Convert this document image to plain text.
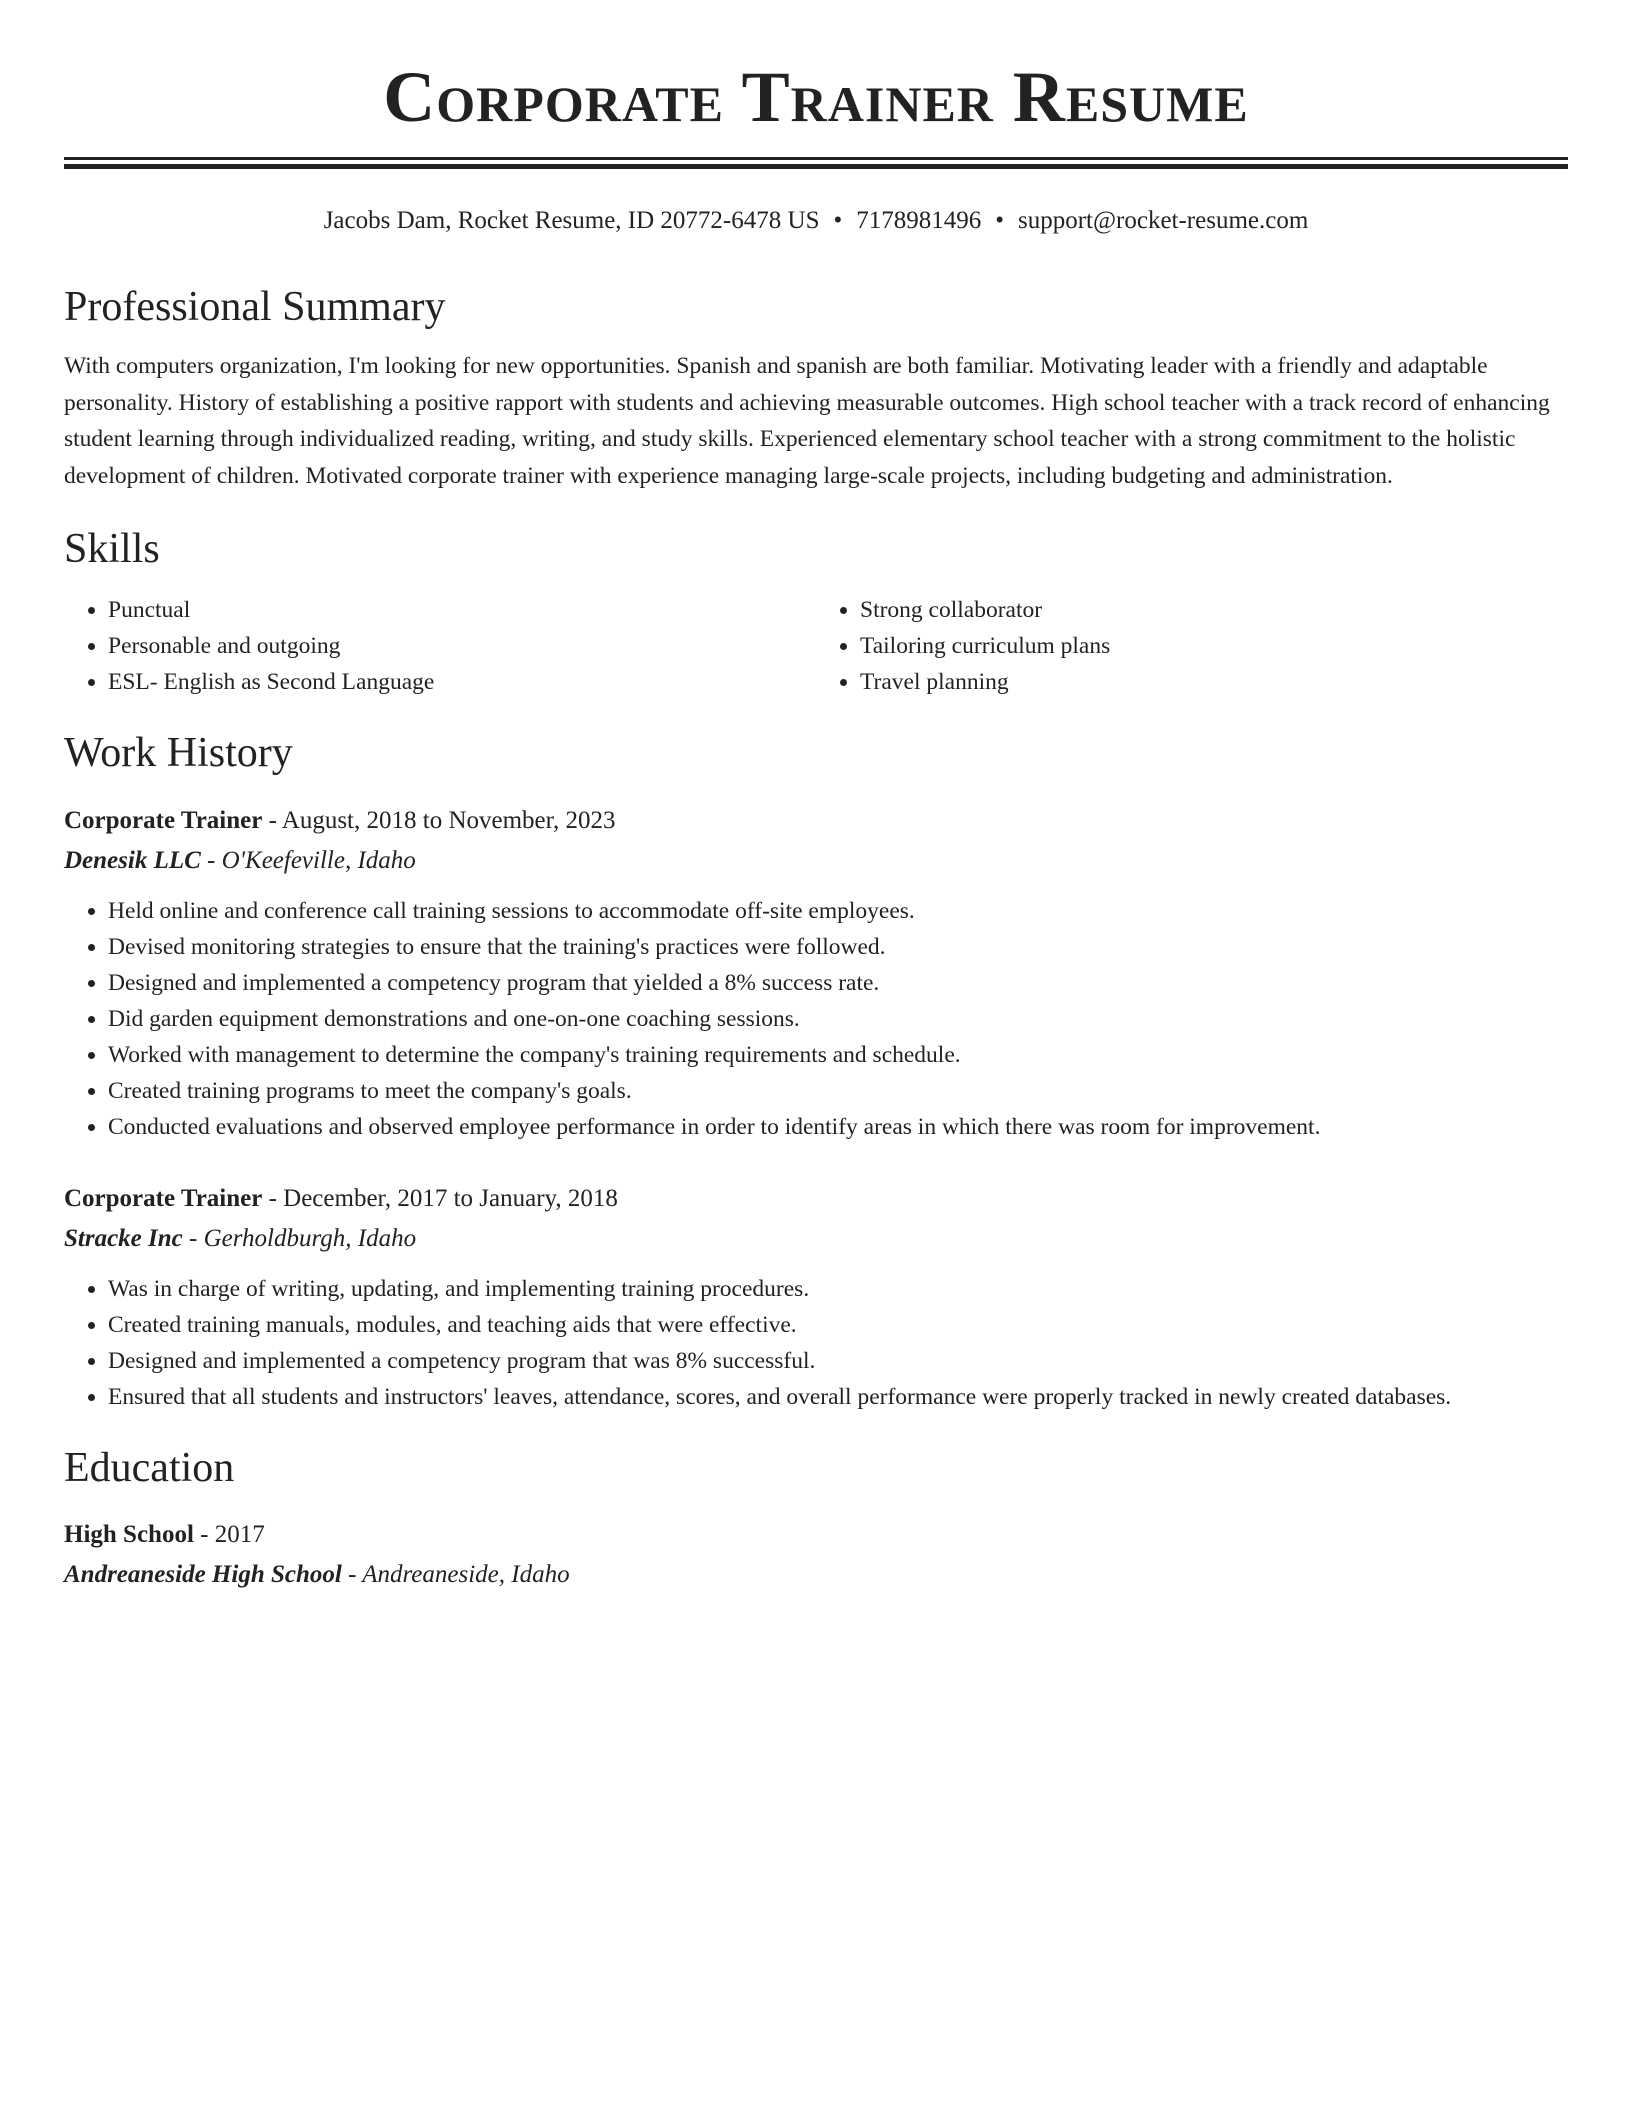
Corporate Trainer Resume
Jacobs Dam, Rocket Resume, ID 20772-6478 US • 7178981496 • support@rocket-resume.com
Professional Summary

With computers organization, I'm looking for new opportunities. Spanish and spanish are both familiar. Motivating leader with a friendly and adaptable personality. History of establishing a positive rapport with students and achieving measurable outcomes. High school teacher with a track record of enhancing student learning through individualized reading, writing, and study skills. Experienced elementary school teacher with a strong commitment to the holistic development of children. Motivated corporate trainer with experience managing large-scale projects, including budgeting and administration.

Skills
• Punctual
• Personable and outgoing
• ESL- English as Second Language
• Strong collaborator
• Tailoring curriculum plans
• Travel planning
Work History
Corporate Trainer - August, 2018 to November, 2023
Denesik LLC - O'Keefeville, Idaho
• Held online and conference call training sessions to accommodate off-site employees.
• Devised monitoring strategies to ensure that the training's practices were followed.
• Designed and implemented a competency program that yielded a 8% success rate.
• Did garden equipment demonstrations and one-on-one coaching sessions.
• Worked with management to determine the company's training requirements and schedule.
• Created training programs to meet the company's goals.
• Conducted evaluations and observed employee performance in order to identify areas in which there was room for improvement.
Corporate Trainer - December, 2017 to January, 2018
Stracke Inc - Gerholdburgh, Idaho
• Was in charge of writing, updating, and implementing training procedures.
• Created training manuals, modules, and teaching aids that were effective.
• Designed and implemented a competency program that was 8% successful.
• Ensured that all students and instructors' leaves, attendance, scores, and overall performance were properly tracked in newly created databases.
Education
High School - 2017
Andreaneside High School - Andreaneside, Idaho
